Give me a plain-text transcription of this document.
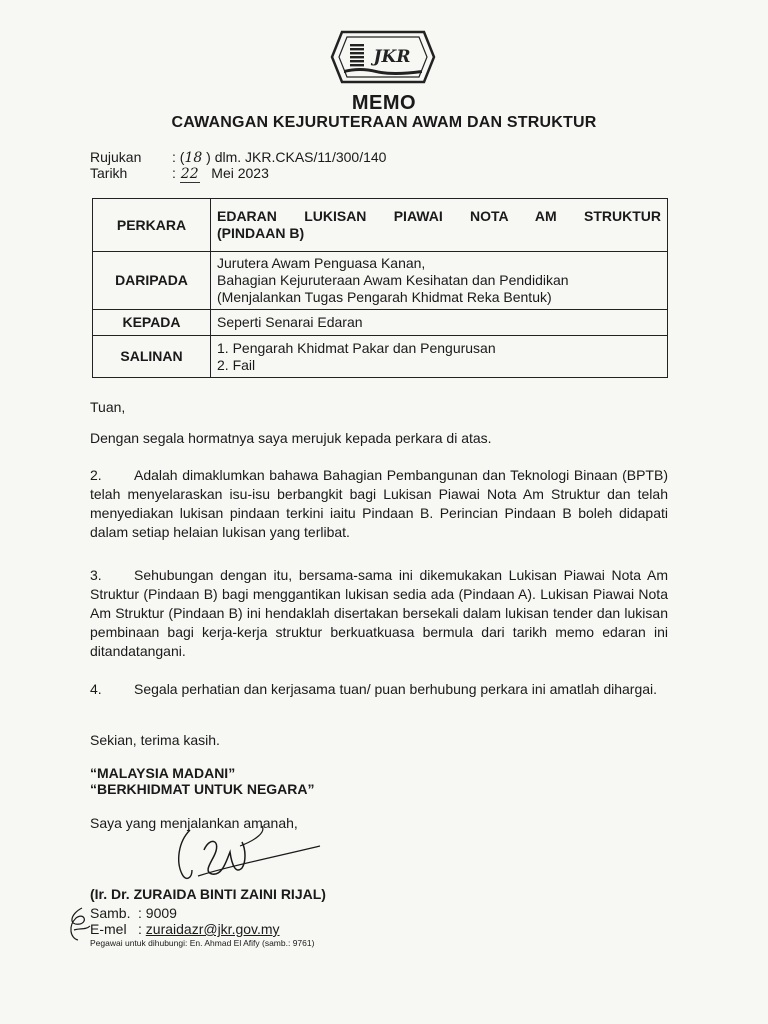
JKR
MEMO
CAWANGAN KEJURUTERAAN AWAM DAN STRUKTUR
Rujukan : (18 ) dlm. JKR.CKAS/11/300/140
Tarikh	: 22 Mei 2023
PERKARA	EDARAN LUKISAN PIAWAI NOTA AM STRUKTUR
(PINDAAN B)

DARIPADA	Jurutera Awam Penguasa Kanan,
Bahagian Kejuruteraan Awam Kesihatan dan Pendidikan
(Menjalankan Tugas Pengarah Khidmat Reka Bentuk)

KEPADA	Seperti Senarai Edaran
SALINAN	1. Pengarah Khidmat Pakar dan Pengurusan
2. Fail
Tuan,
Dengan segala hormatnya saya merujuk kepada perkara di atas.
2. Adalah dimaklumkan bahawa Bahagian Pembangunan dan Teknologi Binaan (BPTB) telah menyelaraskan isu-isu berbangkit bagi Lukisan Piawai Nota Am Struktur dan telah menyediakan lukisan pindaan terkini iaitu Pindaan B. Perincian Pindaan B boleh didapati dalam setiap helaian lukisan yang terlibat.
3. Sehubungan dengan itu, bersama-sama ini dikemukakan Lukisan Piawai Nota Am Struktur (Pindaan B) bagi menggantikan lukisan sedia ada (Pindaan A). Lukisan Piawai Nota Am Struktur (Pindaan B) ini hendaklah disertakan bersekali dalam lukisan tender dan lukisan pembinaan bagi kerja-kerja struktur berkuatkuasa bermula dari tarikh memo edaran ini ditandatangani.
4. Segala perhatian dan kerjasama tuan/ puan berhubung perkara ini amatlah dihargai.
Sekian, terima kasih.
“MALAYSIA MADANI”
“BERKHIDMAT UNTUK NEGARA”
Saya yang menjalankan amanah,
(Ir. Dr. ZURAIDA BINTI ZAINI RIJAL)
Samb. : 9009
E-mel : zuraidazr@jkr.gov.my
Pegawai untuk dihubungi: En. Ahmad El Afify (samb.: 9761)
